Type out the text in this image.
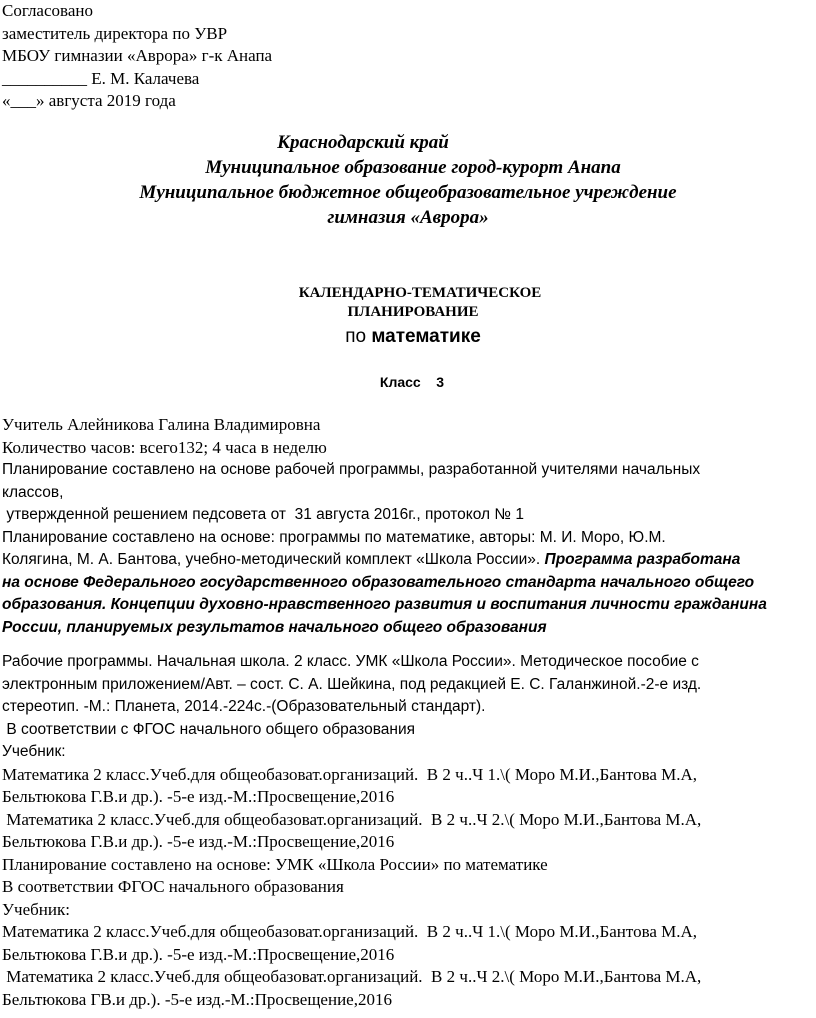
Согласовано
заместитель директора по УВР
МБОУ гимназии «Аврора» г-к Анапа
__________ Е. М. Калачева
«___» августа 2019 года
Краснодарский край
Муниципальное образование город-курорт Анапа
Муниципальное бюджетное общеобразовательное учреждение
гимназия «Аврора»
КАЛЕНДАРНО-ТЕМАТИЧЕСКОЕ
ПЛАНИРОВАНИЕ
по математике
Класс 3
Учитель Алейникова Галина Владимировна
Количество часов: всего132; 4 часа в неделю
Планирование составлено на основе рабочей программы, разработанной учителями начальных
классов,
утвержденной решением педсовета от  31 августа 2016г., протокол № 1
Планирование составлено на основе: программы по математике, авторы: М. И. Моро, Ю.М.
Колягина, М. А. Бантова, учебно-методический комплект «Школа России». Программа разработана
на основе Федерального государственного образовательного стандарта начального общего
образования. Концепции духовно-нравственного развития и воспитания личности гражданина
России, планируемых результатов начального общего образования
Рабочие программы. Начальная школа. 2 класс. УМК «Школа России». Методическое пособие с
электронным приложением/Авт. – сост. С. А. Шейкина, под редакцией Е. С. Галанжиной.-2-е изд.
стереотип. -М.: Планета, 2014.-224с.-(Образовательный стандарт).
В соответствии с ФГОС начального общего образования
Учебник:
Математика 2 класс.Учеб.для общеобазоват.организаций.  В 2 ч..Ч 1.\( Моро М.И.,Бантова М.А,
Бельтюкова Г.В.и др.). -5-е изд.-М.:Просвещение,2016
Математика 2 класс.Учеб.для общеобазоват.организаций.  В 2 ч..Ч 2.\( Моро М.И.,Бантова М.А,
Бельтюкова Г.В.и др.). -5-е изд.-М.:Просвещение,2016
Планирование составлено на основе: УМК «Школа России» по математике
В соответствии ФГОС начального образования
Учебник:
Математика 2 класс.Учеб.для общеобазоват.организаций.  В 2 ч..Ч 1.\( Моро М.И.,Бантова М.А,
Бельтюкова Г.В.и др.). -5-е изд.-М.:Просвещение,2016
Математика 2 класс.Учеб.для общеобазоват.организаций.  В 2 ч..Ч 2.\( Моро М.И.,Бантова М.А,
Бельтюкова ГВ.и др.). -5-е изд.-М.:Просвещение,2016
